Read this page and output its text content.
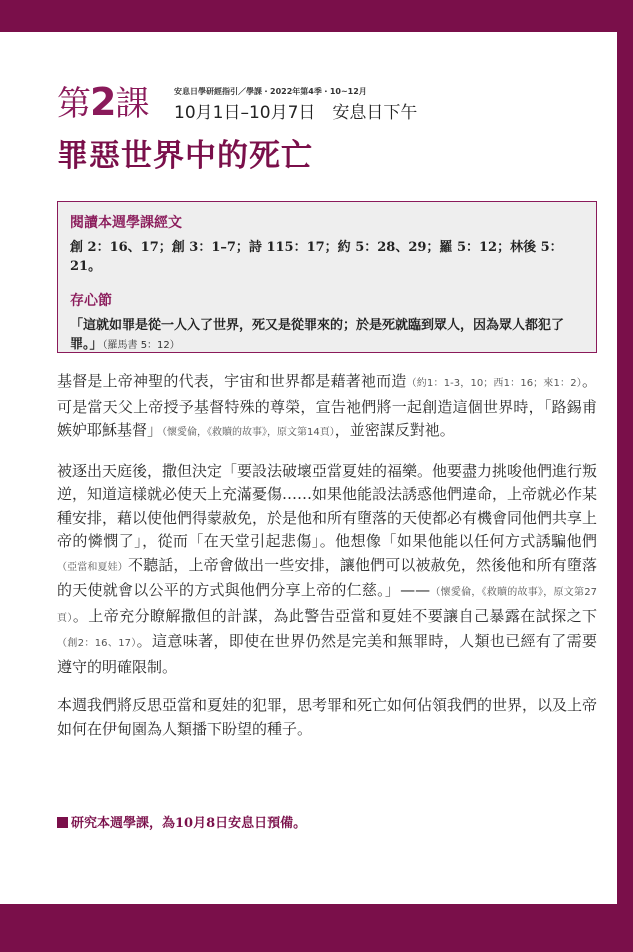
第2課	安息日學研經指引／學課・2022年第4季・10~12月
10月1日–10月7日　安息日下午
罪惡世界中的死亡
閱讀本週學課經文
創 2：16、17；創 3：1–7；詩 115：17；約 5：28、29；羅 5：12；林後 5：21。
存心節
「這就如罪是從一人入了世界，死又是從罪來的；於是死就臨到眾人，因為眾人都犯了罪。」（羅馬書 5：12）

基督是上帝神聖的代表，宇宙和世界都是藉著祂而造（約1：1-3，10；西1：16；來1：2）。可是當天父上帝授予基督特殊的尊榮，宣告祂們將一起創造這個世界時，「路錫甫嫉妒耶穌基督」（懷愛倫，《救贖的故事》，原文第14頁），並密謀反對祂。

被逐出天庭後，撒但決定「要設法破壞亞當夏娃的福樂。他要盡力挑唆他們進行叛逆，知道這樣就必使天上充滿憂傷……如果他能設法誘惑他們違命，上帝就必作某種安排，藉以使他們得蒙赦免，於是他和所有墮落的天使都必有機會同他們共享上帝的憐憫了」，從而「在天堂引起悲傷」。他想像「如果他能以任何方式誘騙他們（亞當和夏娃）不聽話，上帝會做出一些安排，讓他們可以被赦免，然後他和所有墮落的天使就會以公平的方式與他們分享上帝的仁慈。」——（懷愛倫，《救贖的故事》，原文第27頁）。上帝充分瞭解撒但的計謀，為此警告亞當和夏娃不要讓自己暴露在試探之下（創2：16、17）。這意味著，即使在世界仍然是完美和無罪時，人類也已經有了需要遵守的明確限制。

本週我們將反思亞當和夏娃的犯罪，思考罪和死亡如何佔領我們的世界，以及上帝如何在伊甸園為人類播下盼望的種子。

研究本週學課，為10月8日安息日預備。
